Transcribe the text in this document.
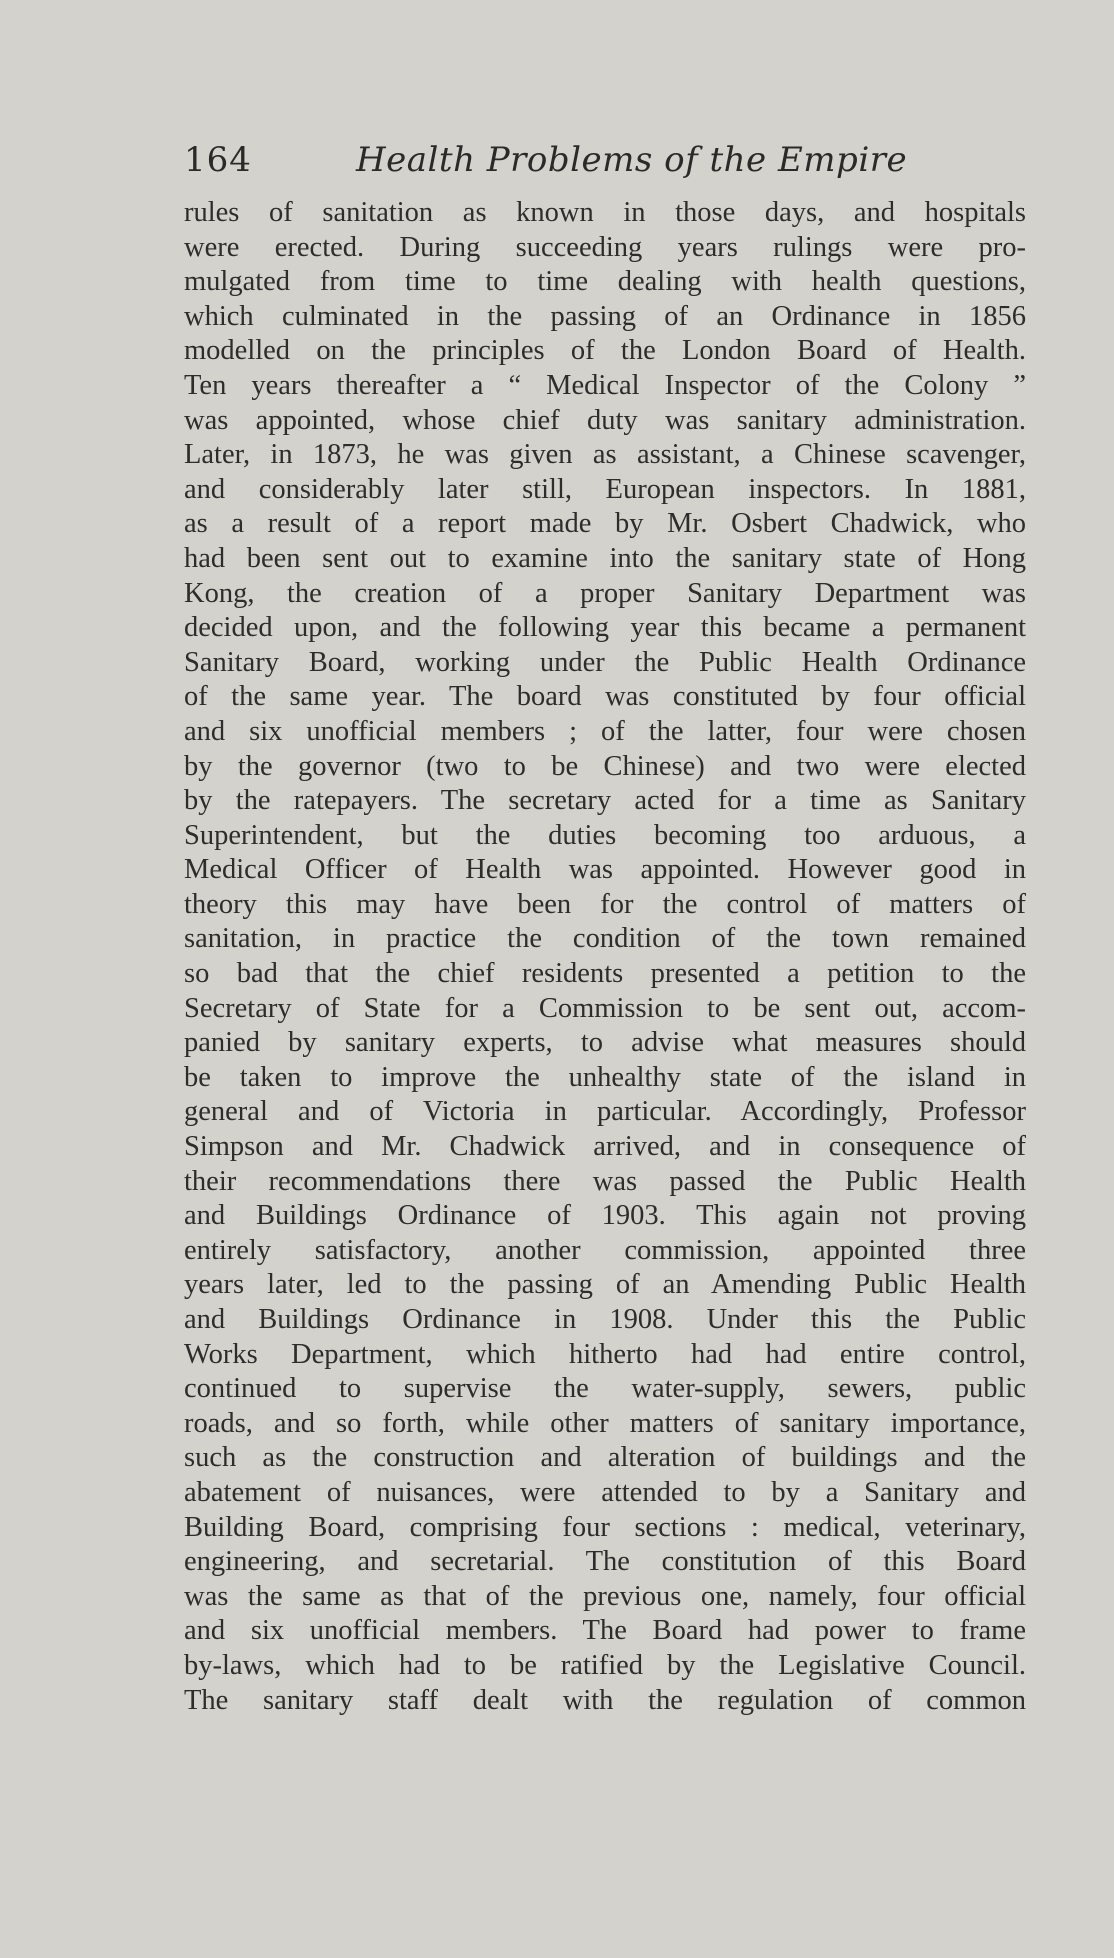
164	Health Problems of the Empire
rules of sanitation as known in those days, and hospitals
were erected. During succeeding years rulings were pro-
mulgated from time to time dealing with health questions,
which culminated in the passing of an Ordinance in 1856
modelled on the principles of the London Board of Health.
Ten years thereafter a “ Medical Inspector of the Colony ”
was appointed, whose chief duty was sanitary administration.
Later, in 1873, he was given as assistant, a Chinese scavenger,
and considerably later still, European inspectors. In 1881,
as a result of a report made by Mr. Osbert Chadwick, who
had been sent out to examine into the sanitary state of Hong
Kong, the creation of a proper Sanitary Department was
decided upon, and the following year this became a permanent
Sanitary Board, working under the Public Health Ordinance
of the same year. The board was constituted by four official
and six unofficial members ; of the latter, four were chosen
by the governor (two to be Chinese) and two were elected
by the ratepayers. The secretary acted for a time as Sanitary
Superintendent, but the duties becoming too arduous, a
Medical Officer of Health was appointed. However good in
theory this may have been for the control of matters of
sanitation, in practice the condition of the town remained
so bad that the chief residents presented a petition to the
Secretary of State for a Commission to be sent out, accom-
panied by sanitary experts, to advise what measures should
be taken to improve the unhealthy state of the island in
general and of Victoria in particular. Accordingly, Professor
Simpson and Mr. Chadwick arrived, and in consequence of
their recommendations there was passed the Public Health
and Buildings Ordinance of 1903. This again not proving
entirely satisfactory, another commission, appointed three
years later, led to the passing of an Amending Public Health
and Buildings Ordinance in 1908. Under this the Public
Works Department, which hitherto had had entire control,
continued to supervise the water-supply, sewers, public
roads, and so forth, while other matters of sanitary importance,
such as the construction and alteration of buildings and the
abatement of nuisances, were attended to by a Sanitary and
Building Board, comprising four sections : medical, veterinary,
engineering, and secretarial. The constitution of this Board
was the same as that of the previous one, namely, four official
and six unofficial members. The Board had power to frame
by-laws, which had to be ratified by the Legislative Council.
The sanitary staff dealt with the regulation of common
